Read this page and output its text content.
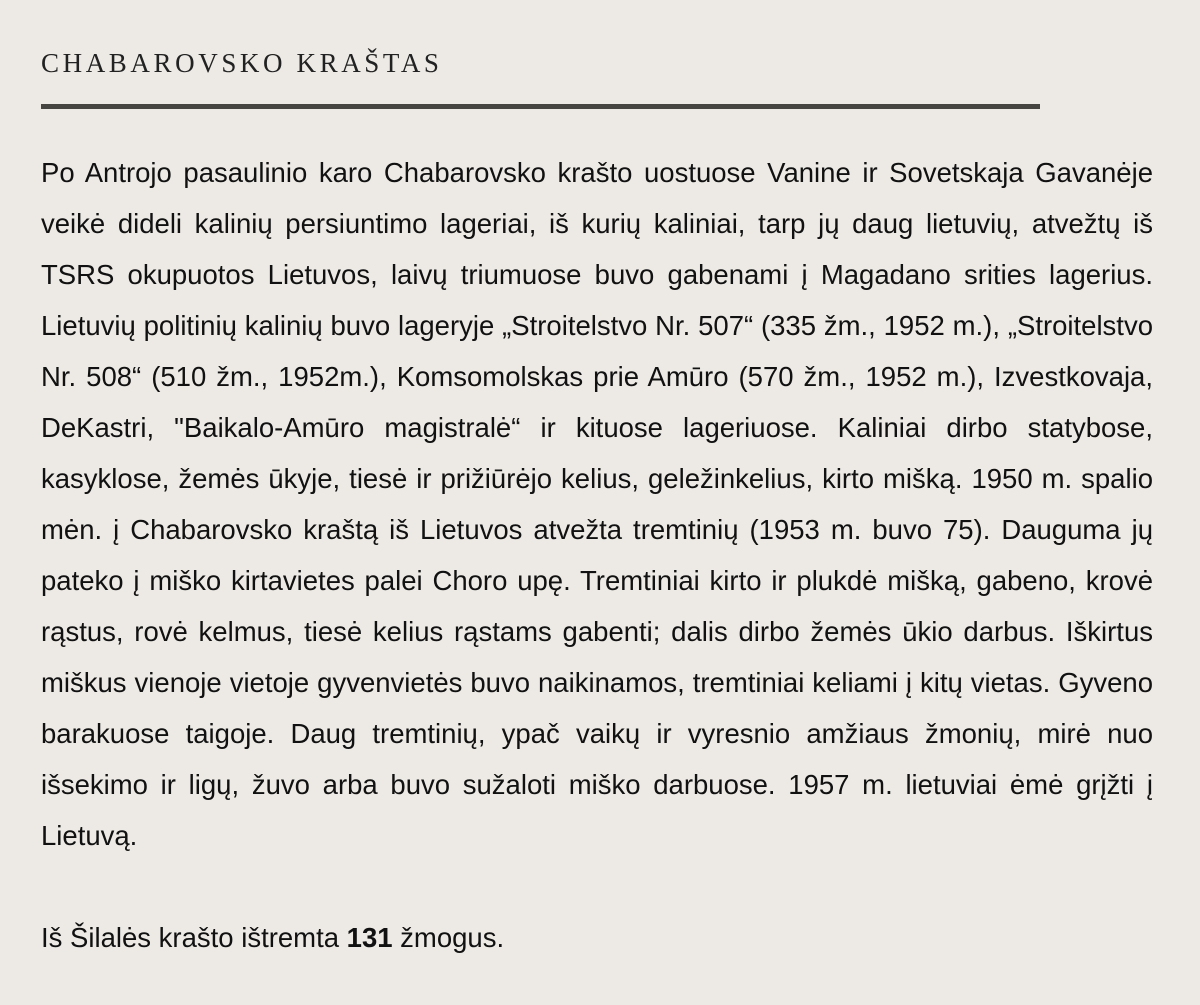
CHABAROVSKO KRAŠTAS

Po Antrojo pasaulinio karo Chabarovsko krašto uostuose Vanine ir Sovetskaja Gavanėje veikė dideli kalinių persiuntimo lageriai, iš kurių kaliniai, tarp jų daug lietuvių, atvežtų iš TSRS okupuotos Lietuvos, laivų triumuose buvo gabenami į Magadano srities lagerius. Lietuvių politinių kalinių buvo lageryje „Stroitelstvo Nr. 507“ (335 žm., 1952 m.), „Stroitelstvo Nr. 508“ (510 žm., 1952m.), Komsomolskas prie Amūro (570 žm., 1952 m.), Izvestkovaja, DeKastri, "Baikalo-Amūro magistralė“ ir kituose lageriuose. Kaliniai dirbo statybose, kasyklose, žemės ūkyje, tiesė ir prižiūrėjo kelius, geležinkelius, kirto mišką. 1950 m. spalio mėn. į Chabarovsko kraštą iš Lietuvos atvežta tremtinių (1953 m. buvo 75). Dauguma jų pateko į miško kirtavietes palei Choro upę. Tremtiniai kirto ir plukdė mišką, gabeno, krovė rąstus, rovė kelmus, tiesė kelius rąstams gabenti; dalis dirbo žemės ūkio darbus. Iškirtus miškus vienoje vietoje gyvenvietės buvo naikinamos, tremtiniai keliami į kitų vietas. Gyveno barakuose taigoje. Daug tremtinių, ypač vaikų ir vyresnio amžiaus žmonių, mirė nuo išsekimo ir ligų, žuvo arba buvo sužaloti miško darbuose. 1957 m. lietuviai ėmė grįžti į Lietuvą.

Iš Šilalės krašto ištremta 131 žmogus.
